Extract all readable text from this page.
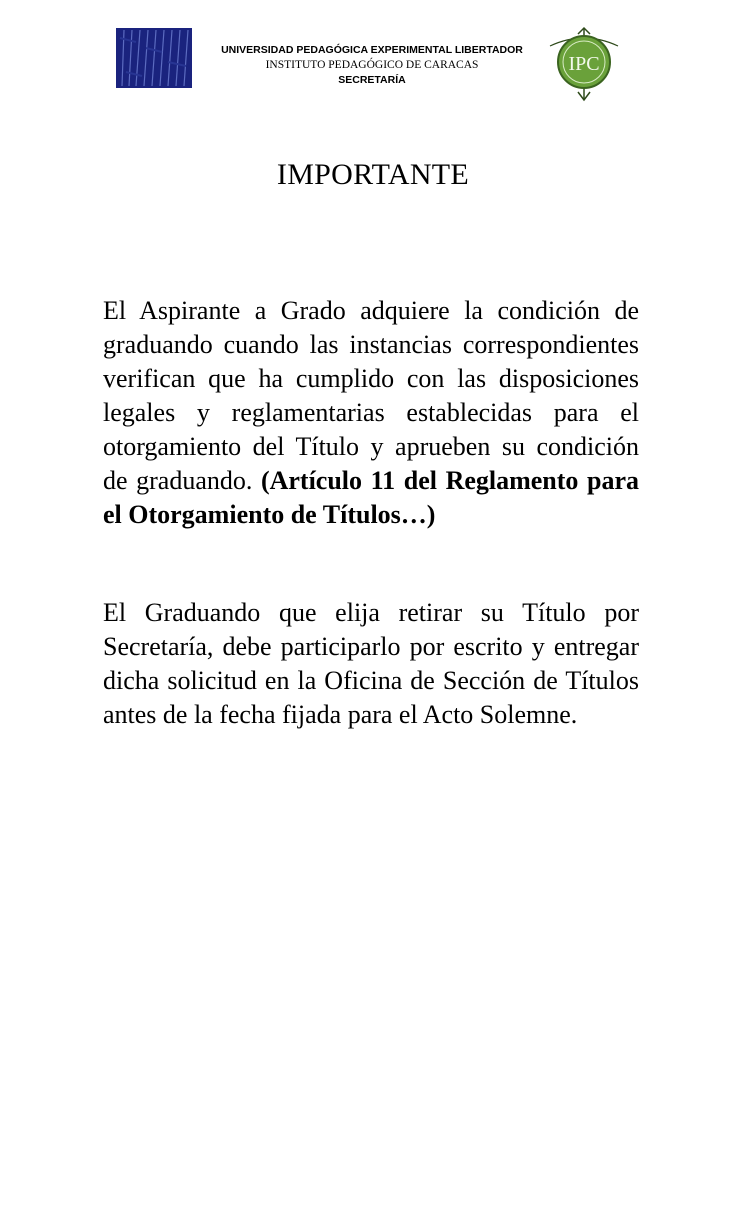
UNIVERSIDAD PEDAGÓGICA EXPERIMENTAL LIBERTADOR
INSTITUTO PEDAGÓGICO DE CARACAS
SECRETARÍA
IPC
IMPORTANTE
El Aspirante a Grado adquiere la condición de graduando cuando las instancias correspondientes verifican que ha cumplido con las disposiciones legales y reglamentarias establecidas para el otorgamiento del Título y aprueben su condición de graduando. (Artículo 11 del Reglamento para el Otorgamiento de Títulos…)
El Graduando que elija retirar su Título por Secretaría, debe participarlo por escrito y entregar dicha solicitud en la Oficina de Sección de Títulos antes de la fecha fijada para el Acto Solemne.
